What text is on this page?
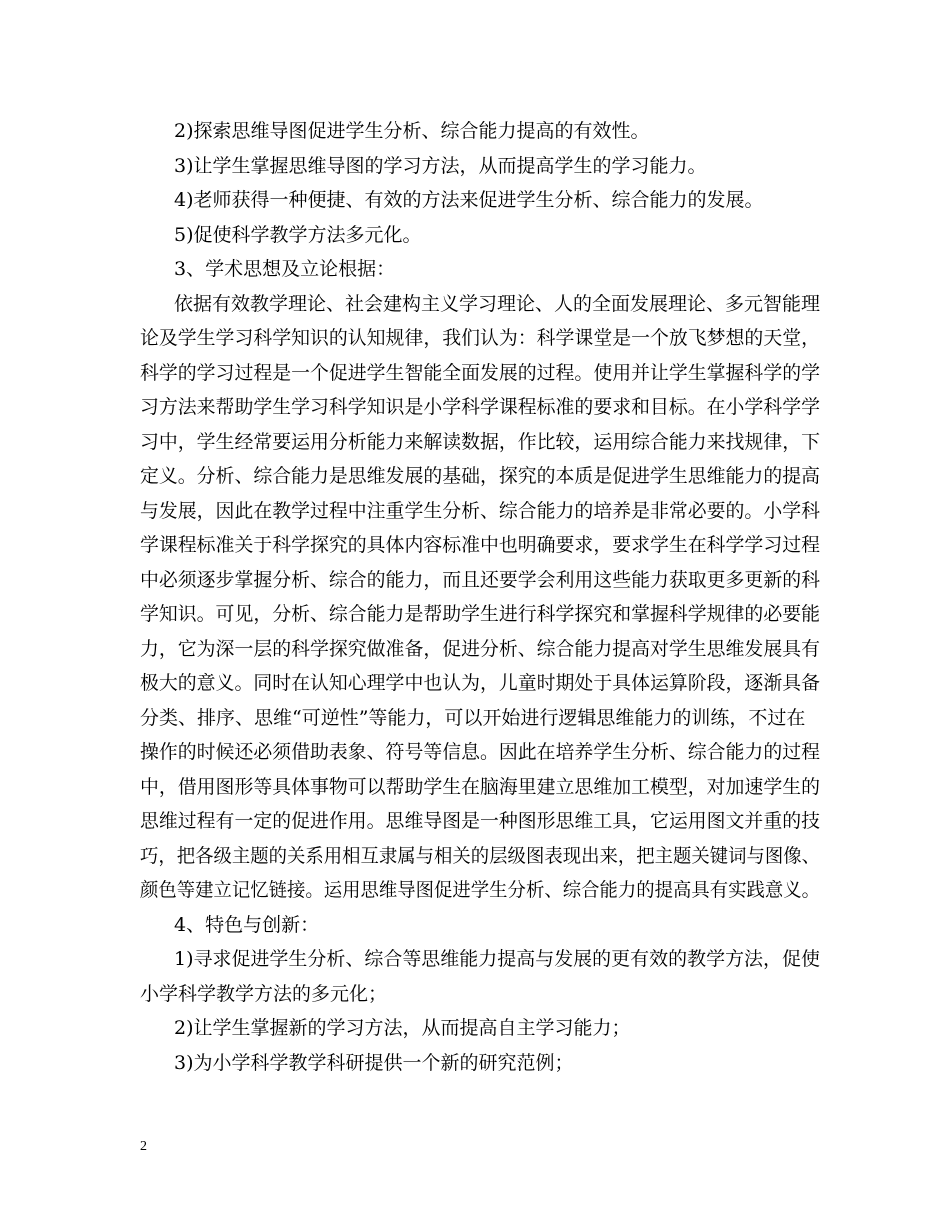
2)探索思维导图促进学生分析、综合能力提高的有效性。
3)让学生掌握思维导图的学习方法，从而提高学生的学习能力。
4)老师获得一种便捷、有效的方法来促进学生分析、综合能力的发展。
5)促使科学教学方法多元化。
3、学术思想及立论根据：
依据有效教学理论、社会建构主义学习理论、人的全面发展理论、多元智能理
论及学生学习科学知识的认知规律，我们认为：科学课堂是一个放飞梦想的天堂，
科学的学习过程是一个促进学生智能全面发展的过程。使用并让学生掌握科学的学
习方法来帮助学生学习科学知识是小学科学课程标准的要求和目标。在小学科学学
习中，学生经常要运用分析能力来解读数据，作比较，运用综合能力来找规律，下
定义。分析、综合能力是思维发展的基础，探究的本质是促进学生思维能力的提高
与发展，因此在教学过程中注重学生分析、综合能力的培养是非常必要的。小学科
学课程标准关于科学探究的具体内容标准中也明确要求，要求学生在科学学习过程
中必须逐步掌握分析、综合的能力，而且还要学会利用这些能力获取更多更新的科
学知识。可见，分析、综合能力是帮助学生进行科学探究和掌握科学规律的必要能
力，它为深一层的科学探究做准备，促进分析、综合能力提高对学生思维发展具有
极大的意义。同时在认知心理学中也认为，儿童时期处于具体运算阶段，逐渐具备
分类、排序、思维“可逆性”等能力，可以开始进行逻辑思维能力的训练，不过在
操作的时候还必须借助表象、符号等信息。因此在培养学生分析、综合能力的过程
中，借用图形等具体事物可以帮助学生在脑海里建立思维加工模型，对加速学生的
思维过程有一定的促进作用。思维导图是一种图形思维工具，它运用图文并重的技
巧，把各级主题的关系用相互隶属与相关的层级图表现出来，把主题关键词与图像、
颜色等建立记忆链接。运用思维导图促进学生分析、综合能力的提高具有实践意义。
4、特色与创新：
1)寻求促进学生分析、综合等思维能力提高与发展的更有效的教学方法，促使
小学科学教学方法的多元化；
2)让学生掌握新的学习方法，从而提高自主学习能力；
3)为小学科学教学科研提供一个新的研究范例；
2
